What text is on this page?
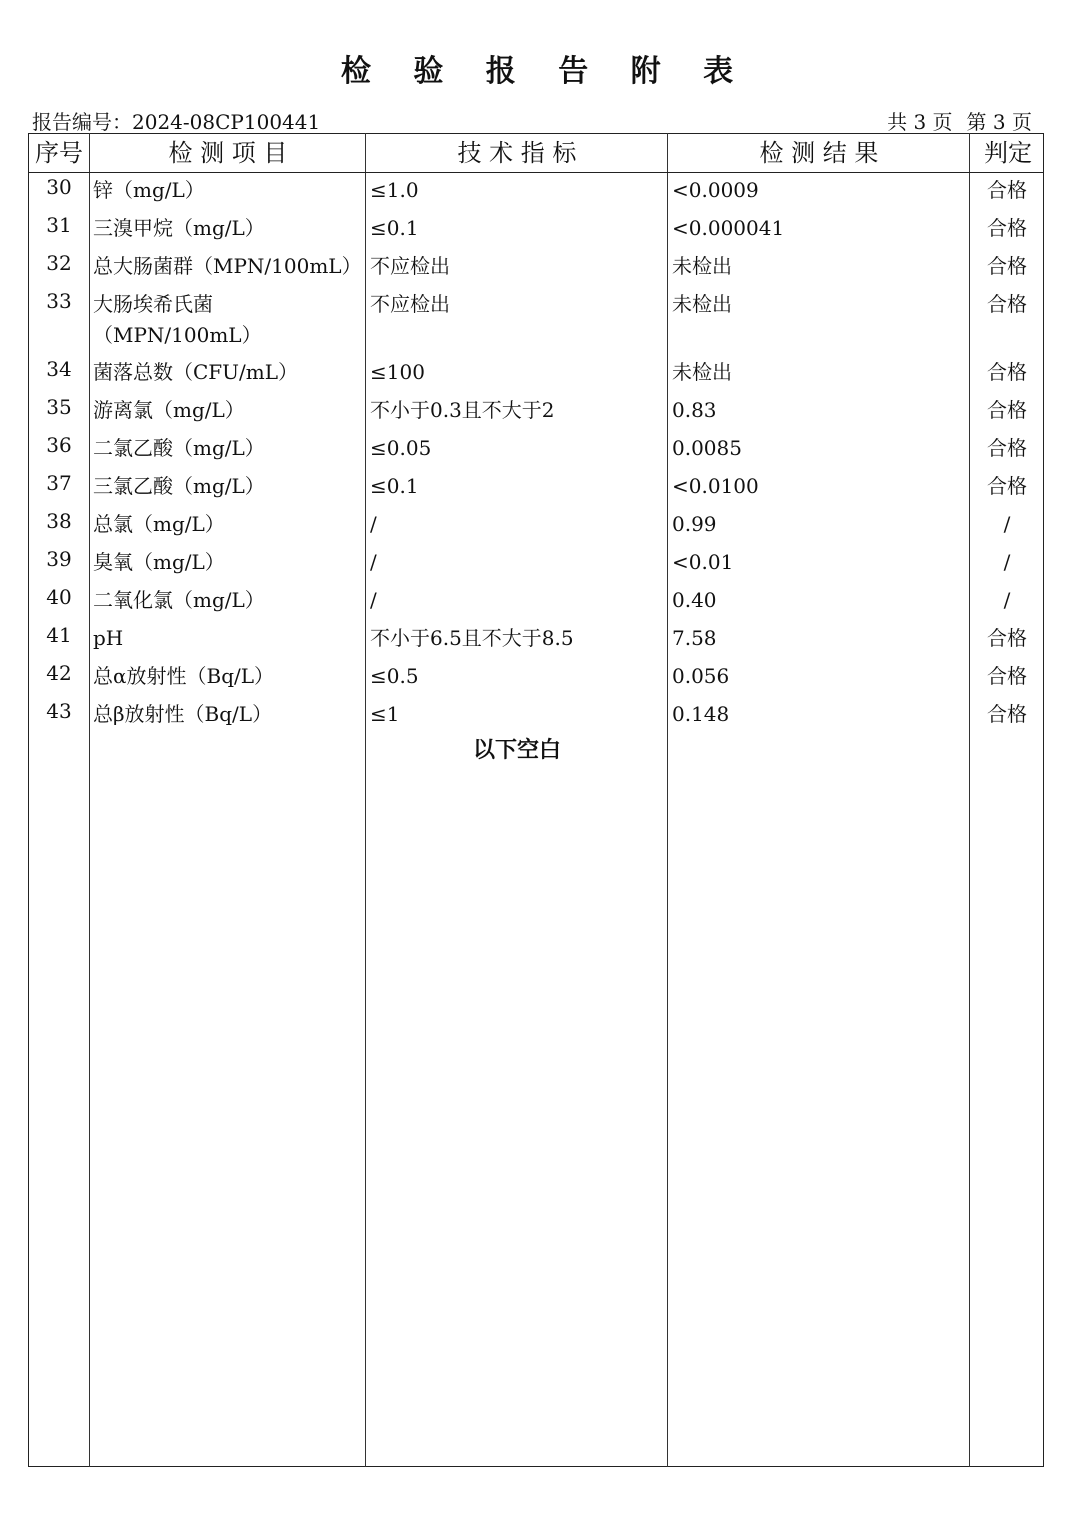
检 验 报 告 附 表
报告编号：2024-08CP100441	共 3 页 第 3 页
序号	检 测 项 目	技 术 指 标	检 测 结 果	判定
30	锌（mg/L）	≤1.0	<0.0009	合格
31	三溴甲烷（mg/L）	≤0.1	<0.000041	合格
32	总大肠菌群（MPN/100mL） 不应检出	未检出	合格
33	大肠埃希氏菌	不应检出	未检出	合格
（MPN/100mL）
34	菌落总数（CFU/mL）	≤100	未检出	合格
35	游离氯（mg/L）	不小于0.3且不大于2	0.83	合格
36	二氯乙酸（mg/L）	≤0.05	0.0085	合格
37	三氯乙酸（mg/L）	≤0.1	<0.0100	合格
38	总氯（mg/L）	/	0.99	/
39	臭氧（mg/L）	/	<0.01	/
40	二氧化氯（mg/L）	/	0.40	/
41	pH	不小于6.5且不大于8.5	7.58	合格
42	总α放射性（Bq/L）	≤0.5	0.056	合格
43	总β放射性（Bq/L）	≤1	0.148	合格
以下空白
